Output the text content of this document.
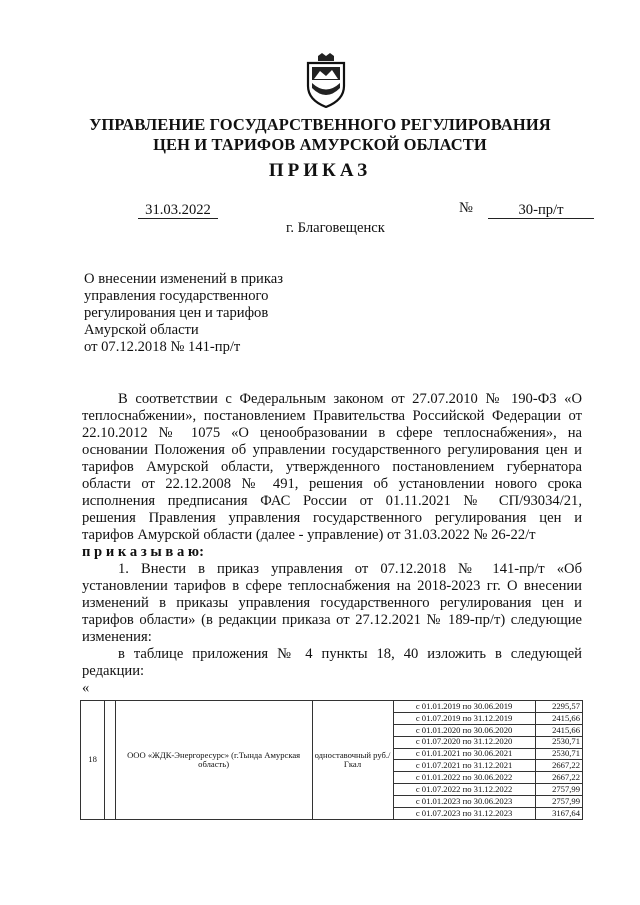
УПРАВЛЕНИЕ ГОСУДАРСТВЕННОГО РЕГУЛИРОВАНИЯ
ЦЕН И ТАРИФОВ АМУРСКОЙ ОБЛАСТИ
ПРИКАЗ
31.03.2022	№	30-пр/т
г. Благовещенск
О внесении изменений в приказ
управления государственного
регулирования цен и тарифов
Амурской области
от 07.12.2018 № 141-пр/т
В соответствии с Федеральным законом от 27.07.2010 № 190-ФЗ «О
теплоснабжении», постановлением Правительства Российской Федерации от
22.10.2012 № 1075 «О ценообразовании в сфере теплоснабжения», на
основании Положения об управлении государственного регулирования цен и
тарифов Амурской области, утвержденного постановлением губернатора
области от 22.12.2008 № 491, решения об установлении нового срока
исполнения предписания ФАС России от 01.11.2021 № СП/93034/21,
решения Правления управления государственного регулирования цен и
тарифов Амурской области (далее - управление) от 31.03.2022 № 26-22/т
п р и к а з ы в а ю:
1. Внести в приказ управления от 07.12.2018 № 141-пр/т «Об
установлении тарифов в сфере теплоснабжения на 2018-2023 гг. О внесении
изменений в приказы управления государственного регулирования цен и
тарифов области» (в редакции приказа от 27.12.2021 № 189-пр/т) следующие
изменения:
в таблице приложения № 4 пункты 18, 40 изложить в следующей
редакции:
«
18		ООО «ЖДК-Энергоресурс» (г.Тында Амурская область)	одноставочный руб./Гкал	с 01.01.2019 по 30.06.2019	2295,57
				с 01.07.2019 по 31.12.2019	2415,66
				с 01.01.2020 по 30.06.2020	2415,66
				с 01.07.2020 по 31.12.2020	2530,71
				с 01.01.2021 по 30.06.2021	2530,71
				с 01.07.2021 по 31.12.2021	2667,22
				с 01.01.2022 по 30.06.2022	2667,22
				с 01.07.2022 по 31.12.2022	2757,99
				с 01.01.2023 по 30.06.2023	2757,99
				с 01.07.2023 по 31.12.2023	3167,64
